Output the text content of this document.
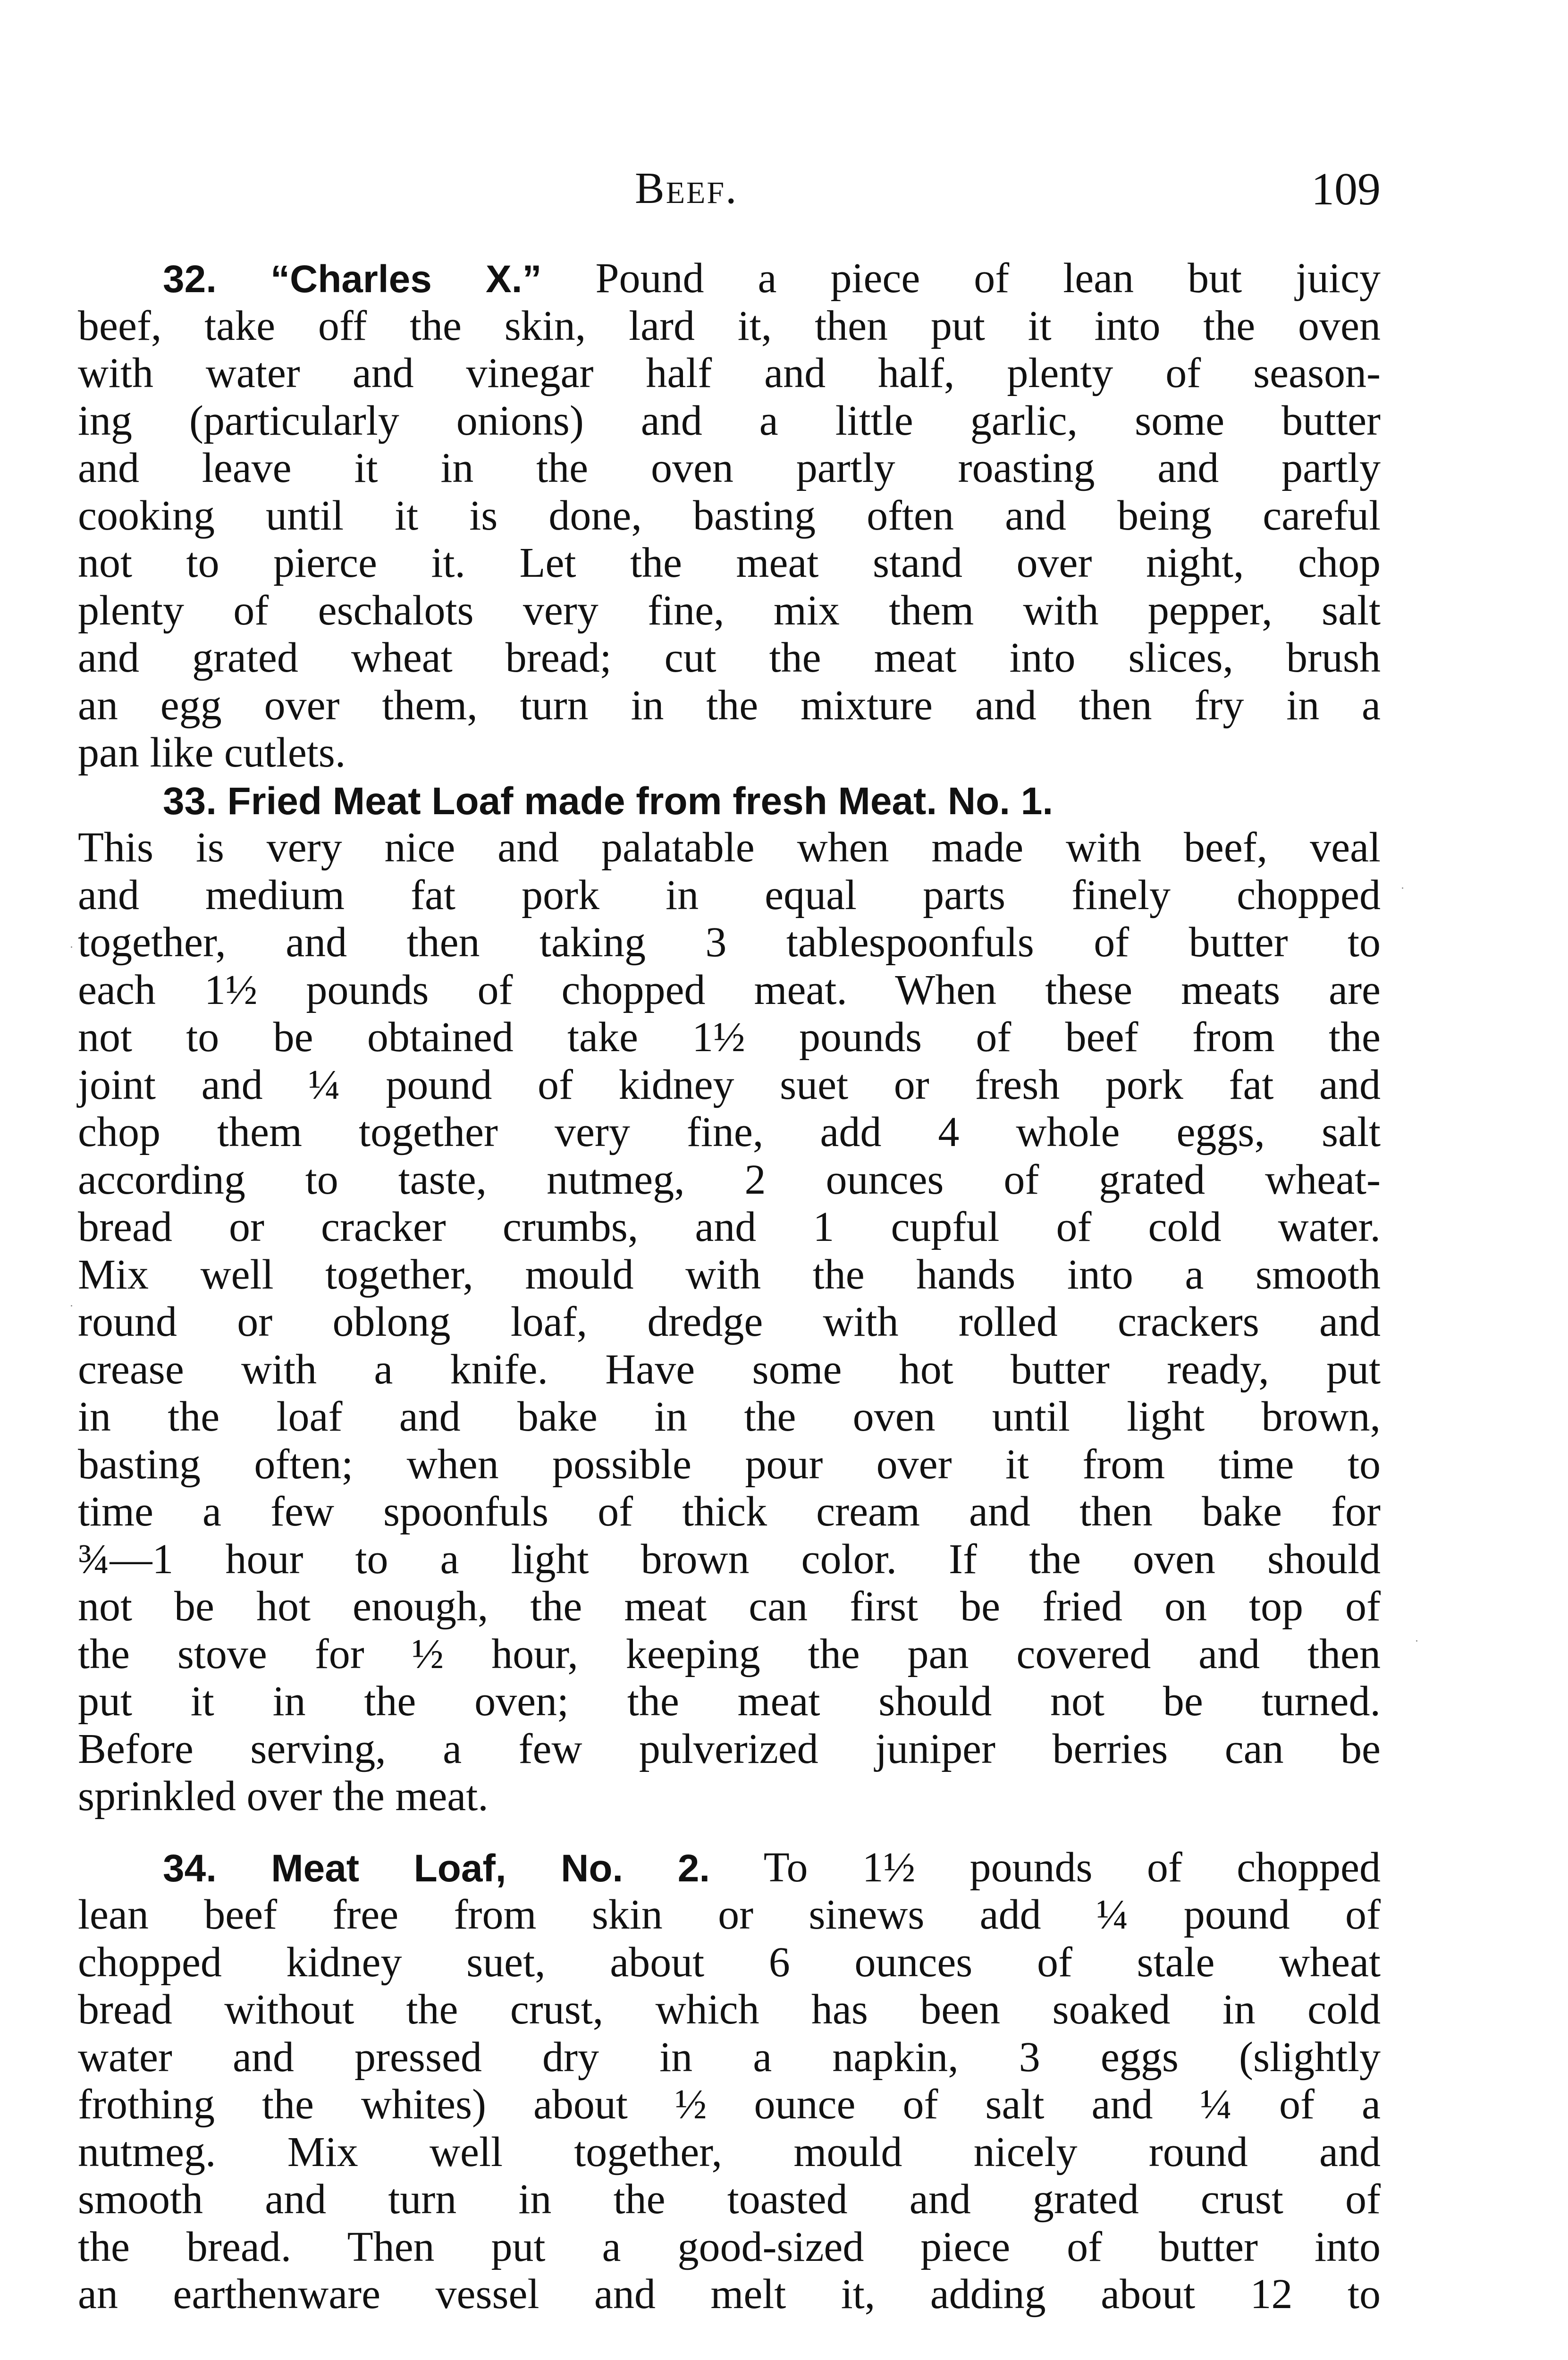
Beef.	109
32. “Charles X.” Pound a piece of lean but juicy
beef, take off the skin, lard it, then put it into the oven
with water and vinegar half and half, plenty of season-
ing (particularly onions) and a little garlic, some butter
and leave it in the oven partly roasting and partly
cooking until it is done, basting often and being careful
not to pierce it. Let the meat stand over night, chop
plenty of eschalots very fine, mix them with pepper, salt
and grated wheat bread; cut the meat into slices, brush
an egg over them, turn in the mixture and then fry in a
pan like cutlets.
33. Fried Meat Loaf made from fresh Meat. No. 1.
This is very nice and palatable when made with beef, veal
and medium fat pork in equal parts finely chopped
together, and then taking 3 tablespoonfuls of butter to
each 1½ pounds of chopped meat. When these meats are
not to be obtained take 1½ pounds of beef from the
joint and ¼ pound of kidney suet or fresh pork fat and
chop them together very fine, add 4 whole eggs, salt
according to taste, nutmeg, 2 ounces of grated wheat-
bread or cracker crumbs, and 1 cupful of cold water.
Mix well together, mould with the hands into a smooth
round or oblong loaf, dredge with rolled crackers and
crease with a knife. Have some hot butter ready, put
in the loaf and bake in the oven until light brown,
basting often; when possible pour over it from time to
time a few spoonfuls of thick cream and then bake for
¾—1 hour to a light brown color. If the oven should
not be hot enough, the meat can first be fried on top of
the stove for ½ hour, keeping the pan covered and then
put it in the oven; the meat should not be turned.
Before serving, a few pulverized juniper berries can be
sprinkled over the meat.
34. Meat Loaf, No. 2. To 1½ pounds of chopped
lean beef free from skin or sinews add ¼ pound of
chopped kidney suet, about 6 ounces of stale wheat
bread without the crust, which has been soaked in cold
water and pressed dry in a napkin, 3 eggs (slightly
frothing the whites) about ½ ounce of salt and ¼ of a
nutmeg. Mix well together, mould nicely round and
smooth and turn in the toasted and grated crust of
the bread. Then put a good-sized piece of butter into
an earthenware vessel and melt it, adding about 12 to
